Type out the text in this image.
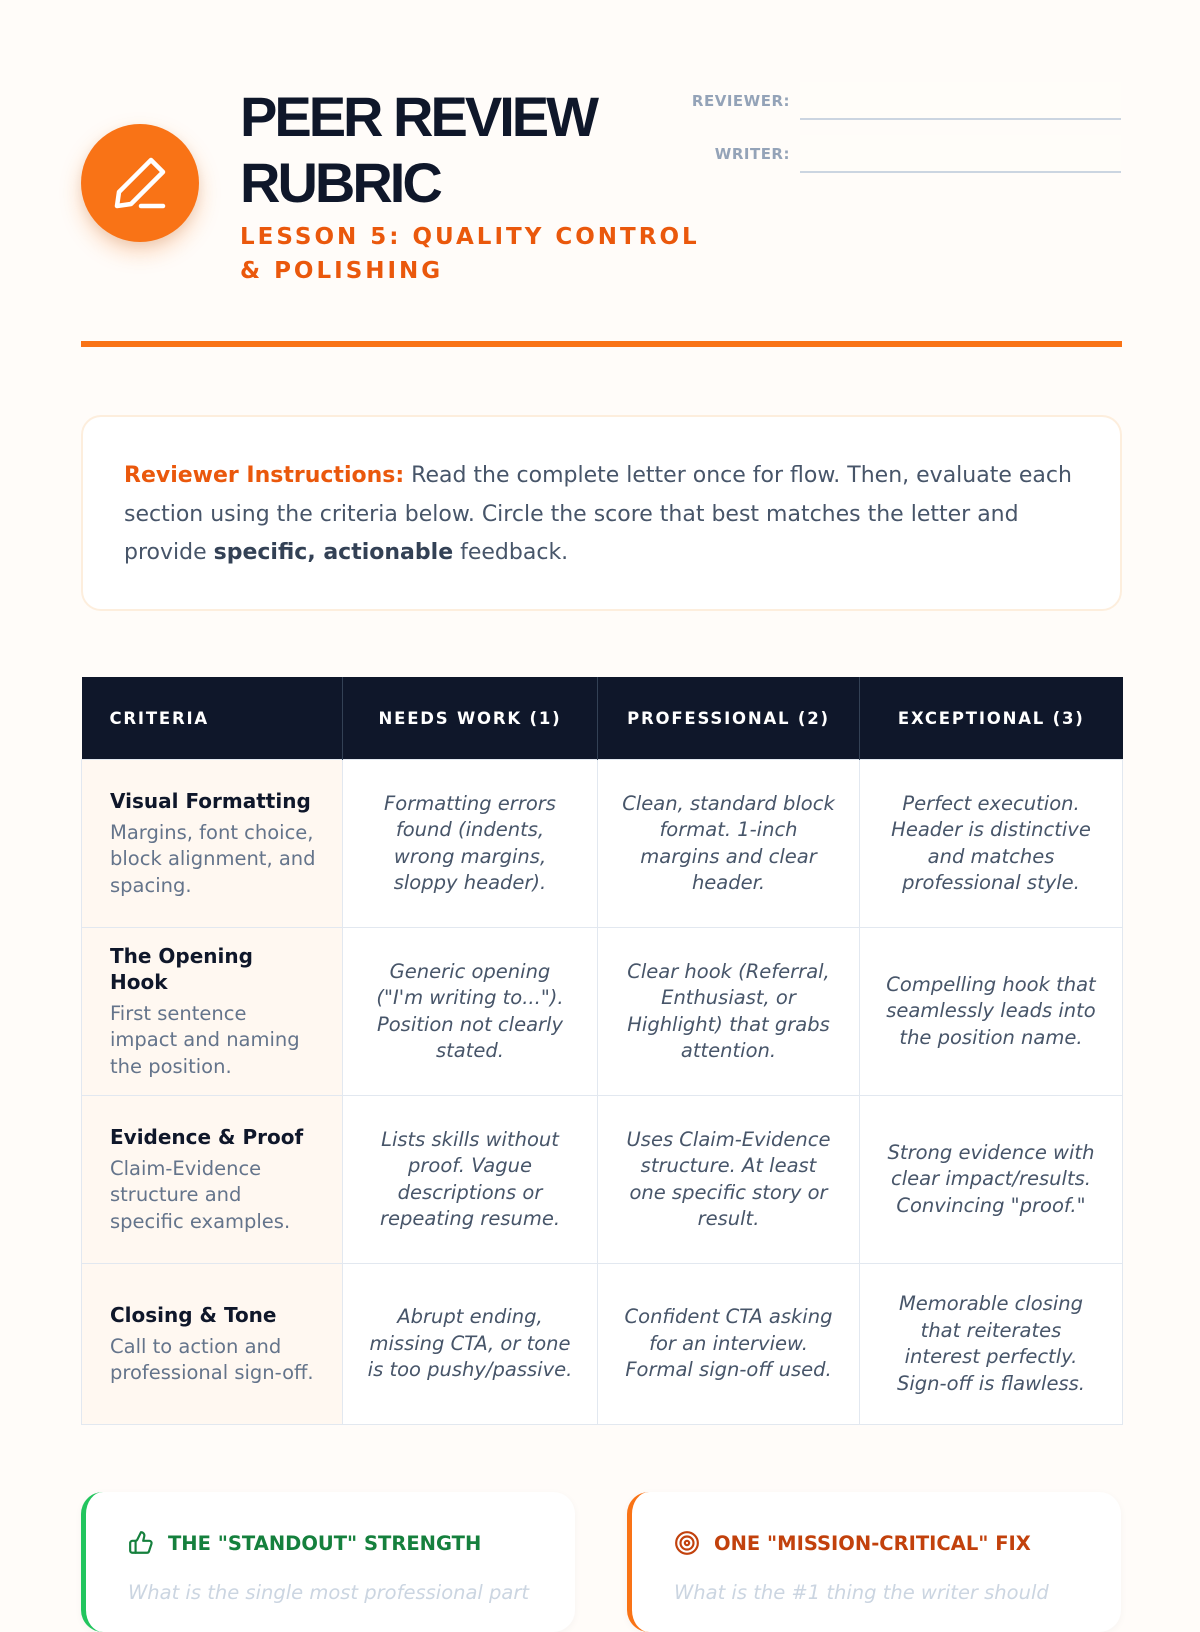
PEER REVIEW RUBRIC
LESSON 5: QUALITY CONTROL & POLISHING
REVIEWER:
WRITER:
Reviewer Instructions: Read the complete letter once for flow. Then, evaluate each section using the criteria below. Circle the score that best matches the letter and provide specific, actionable feedback.
CRITERIA	NEEDS WORK (1)	PROFESSIONAL (2)	EXCEPTIONAL (3)

Visual Formatting
Margins, font choice, block alignment, and spacing.	Formatting errors found (indents, wrong margins, sloppy header).	Clean, standard block format. 1-inch margins and clear header.	Perfect execution. Header is distinctive and matches professional style.

The Opening Hook
First sentence impact and naming the position.	Generic opening ("I'm writing to..."). Position not clearly stated.	Clear hook (Referral, Enthusiast, or Highlight) that grabs attention.	Compelling hook that seamlessly leads into the position name.

Evidence & Proof
Claim-Evidence structure and specific examples.	Lists skills without proof. Vague descriptions or repeating resume.	Uses Claim-Evidence structure. At least one specific story or result.	Strong evidence with clear impact/results. Convincing "proof."

Closing & Tone
Call to action and professional sign-off.	Abrupt ending, missing CTA, or tone is too pushy/passive.	Confident CTA asking for an interview. Formal sign-off used.	Memorable closing that reiterates interest perfectly. Sign-off is flawless.
THE "STANDOUT" STRENGTH
What is the single most professional part
ONE "MISSION-CRITICAL" FIX
What is the #1 thing the writer should
